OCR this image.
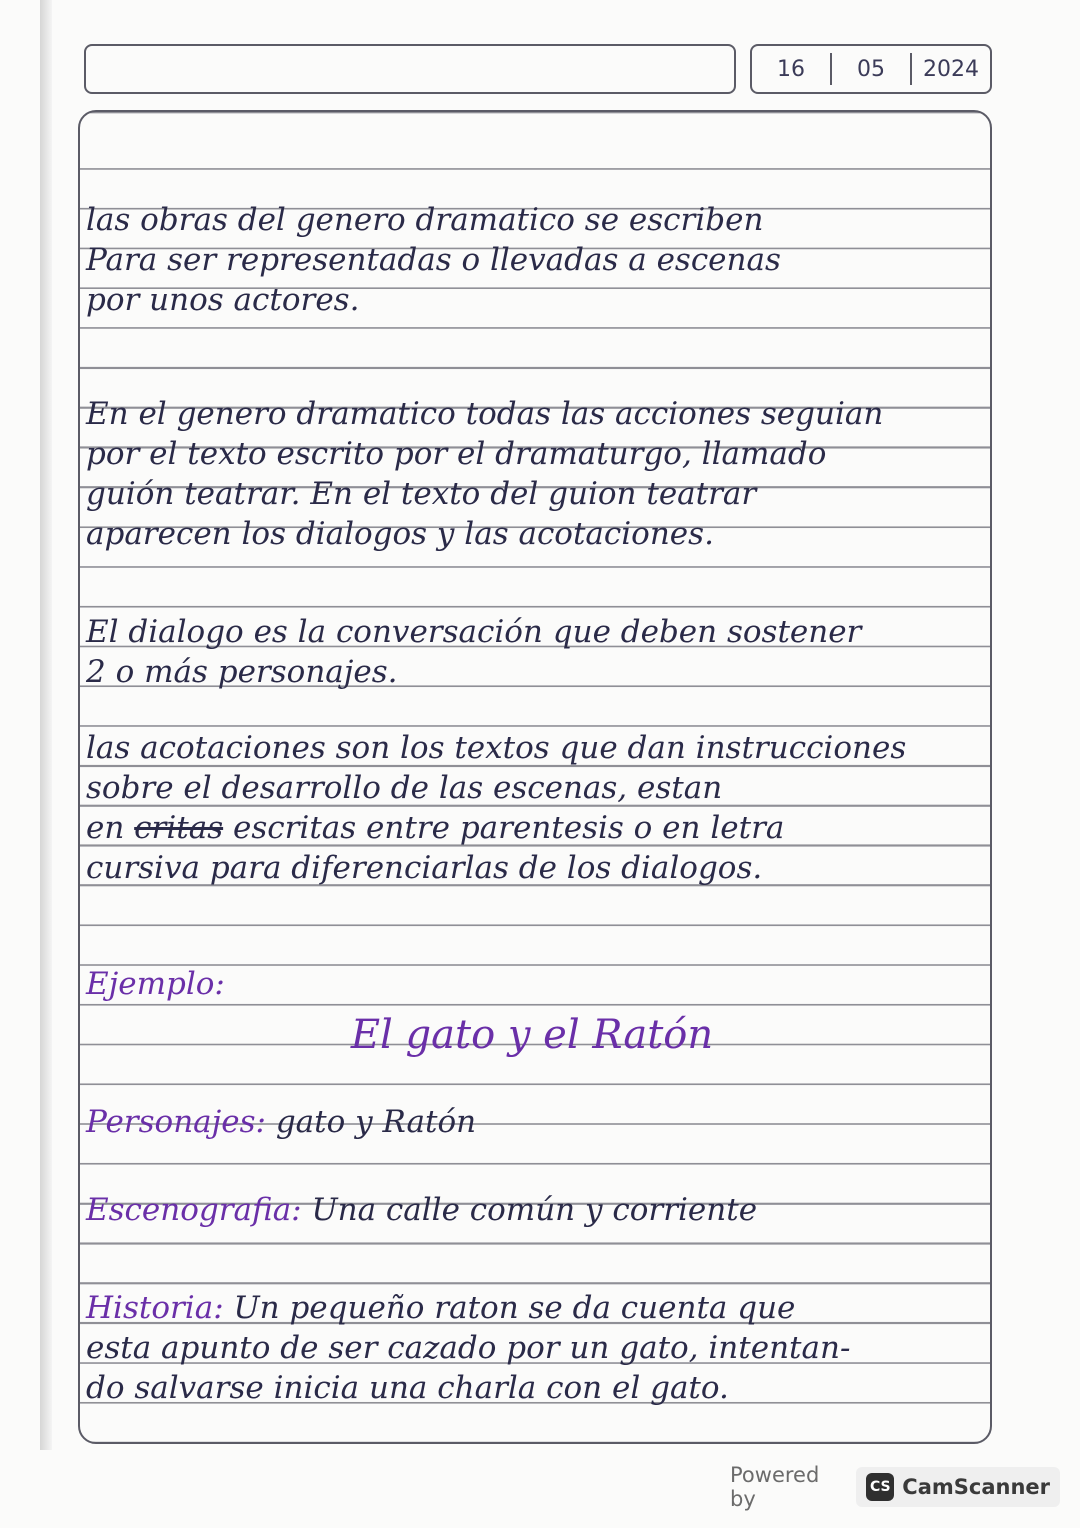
16	05	2024
las obras del genero dramatico se escriben
Para ser representadas o llevadas a escenas
por unos actores.
En el genero dramatico todas las acciones seguian
por el texto escrito por el dramaturgo, llamado
guión teatrar. En el texto del guion teatrar
aparecen los dialogos y las acotaciones.
El dialogo es la conversación que deben sostener
2 o más personajes.
las acotaciones son los textos que dan instrucciones
sobre el desarrollo de las escenas, estan
en critas escritas entre parentesis o en letra
cursiva para diferenciarlas de los dialogos.
Ejemplo:
El gato y el Ratón
Personajes: gato y Ratón
Escenografia: Una calle común y corriente
Historia: Un pequeño raton se da cuenta que
esta apunto de ser cazado por un gato, intentan-
do salvarse inicia una charla con el gato.
Powered by	CS CamScanner
